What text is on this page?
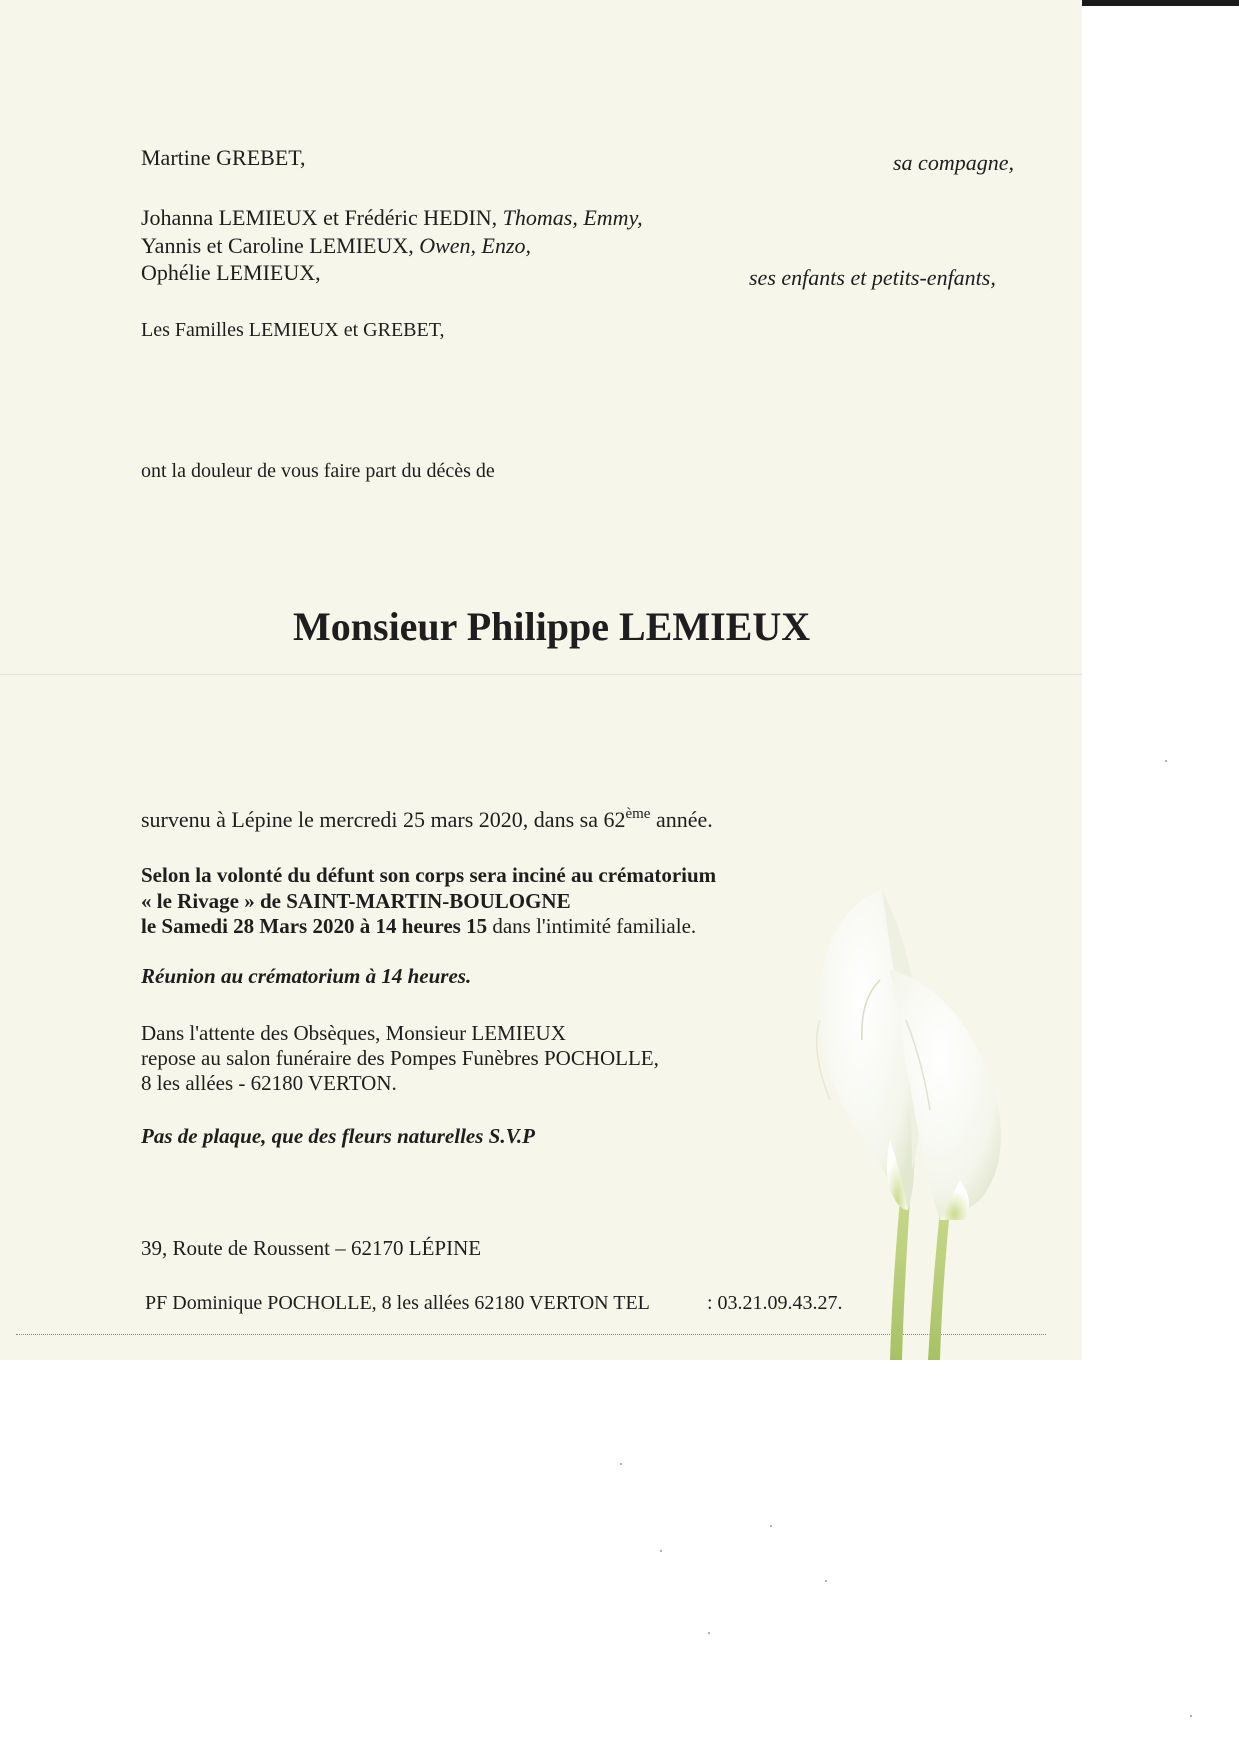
Martine GREBET,	sa compagne,
Johanna LEMIEUX et Frédéric HEDIN, Thomas, Emmy,
Yannis et Caroline LEMIEUX, Owen, Enzo,
Ophélie LEMIEUX,	ses enfants et petits-enfants,
Les Familles LEMIEUX et GREBET,
ont la douleur de vous faire part du décès de
Monsieur Philippe LEMIEUX
survenu à Lépine le mercredi 25 mars 2020, dans sa 62ème année.
Selon la volonté du défunt son corps sera inciné au crématorium
« le Rivage » de SAINT-MARTIN-BOULOGNE
le Samedi 28 Mars 2020 à 14 heures 15 dans l'intimité familiale.
Réunion au crématorium à 14 heures.
Dans l'attente des Obsèques, Monsieur LEMIEUX
repose au salon funéraire des Pompes Funèbres POCHOLLE,
8 les allées - 62180 VERTON.
Pas de plaque, que des fleurs naturelles S.V.P
39, Route de Roussent – 62170 LÉPINE
PF Dominique POCHOLLE, 8 les allées 62180 VERTON TEL	: 03.21.09.43.27.
